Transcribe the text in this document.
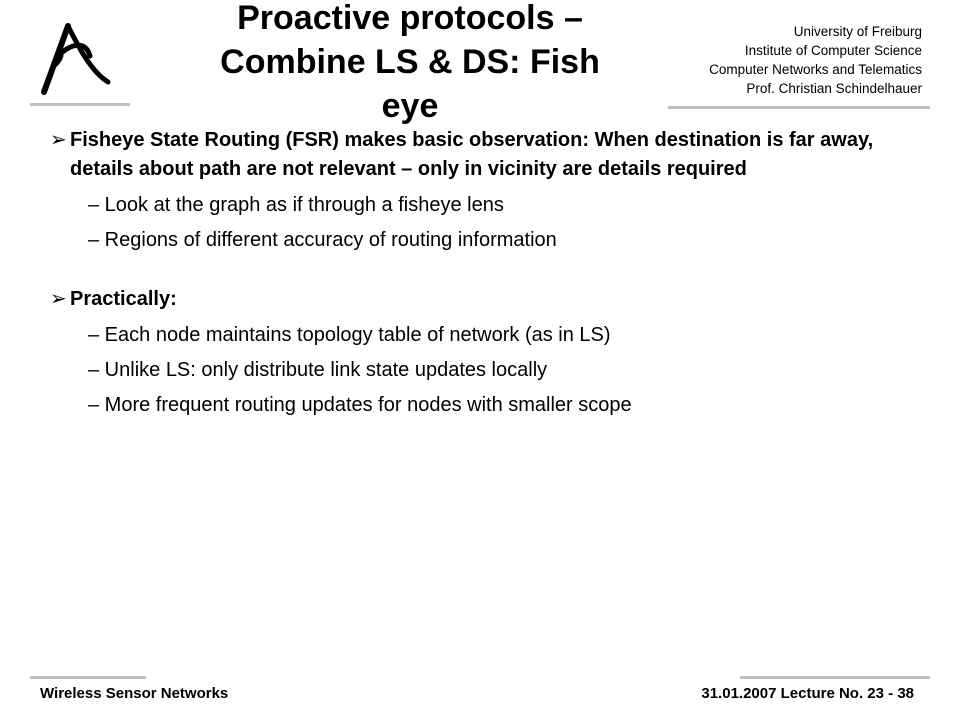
Proactive protocols –
Combine LS & DS: Fish
eye
University of Freiburg
Institute of Computer Science
Computer Networks and Telematics
Prof. Christian Schindelhauer
➢ Fisheye State Routing (FSR) makes basic observation: When destination is far away, details about path are not relevant – only in vicinity are details required
– Look at the graph as if through a fisheye lens
– Regions of different accuracy of routing information
➢ Practically:
– Each node maintains topology table of network (as in LS)
– Unlike LS: only distribute link state updates locally
– More frequent routing updates for nodes with smaller scope
Wireless Sensor Networks	31.01.2007 Lecture No. 23 - 38
